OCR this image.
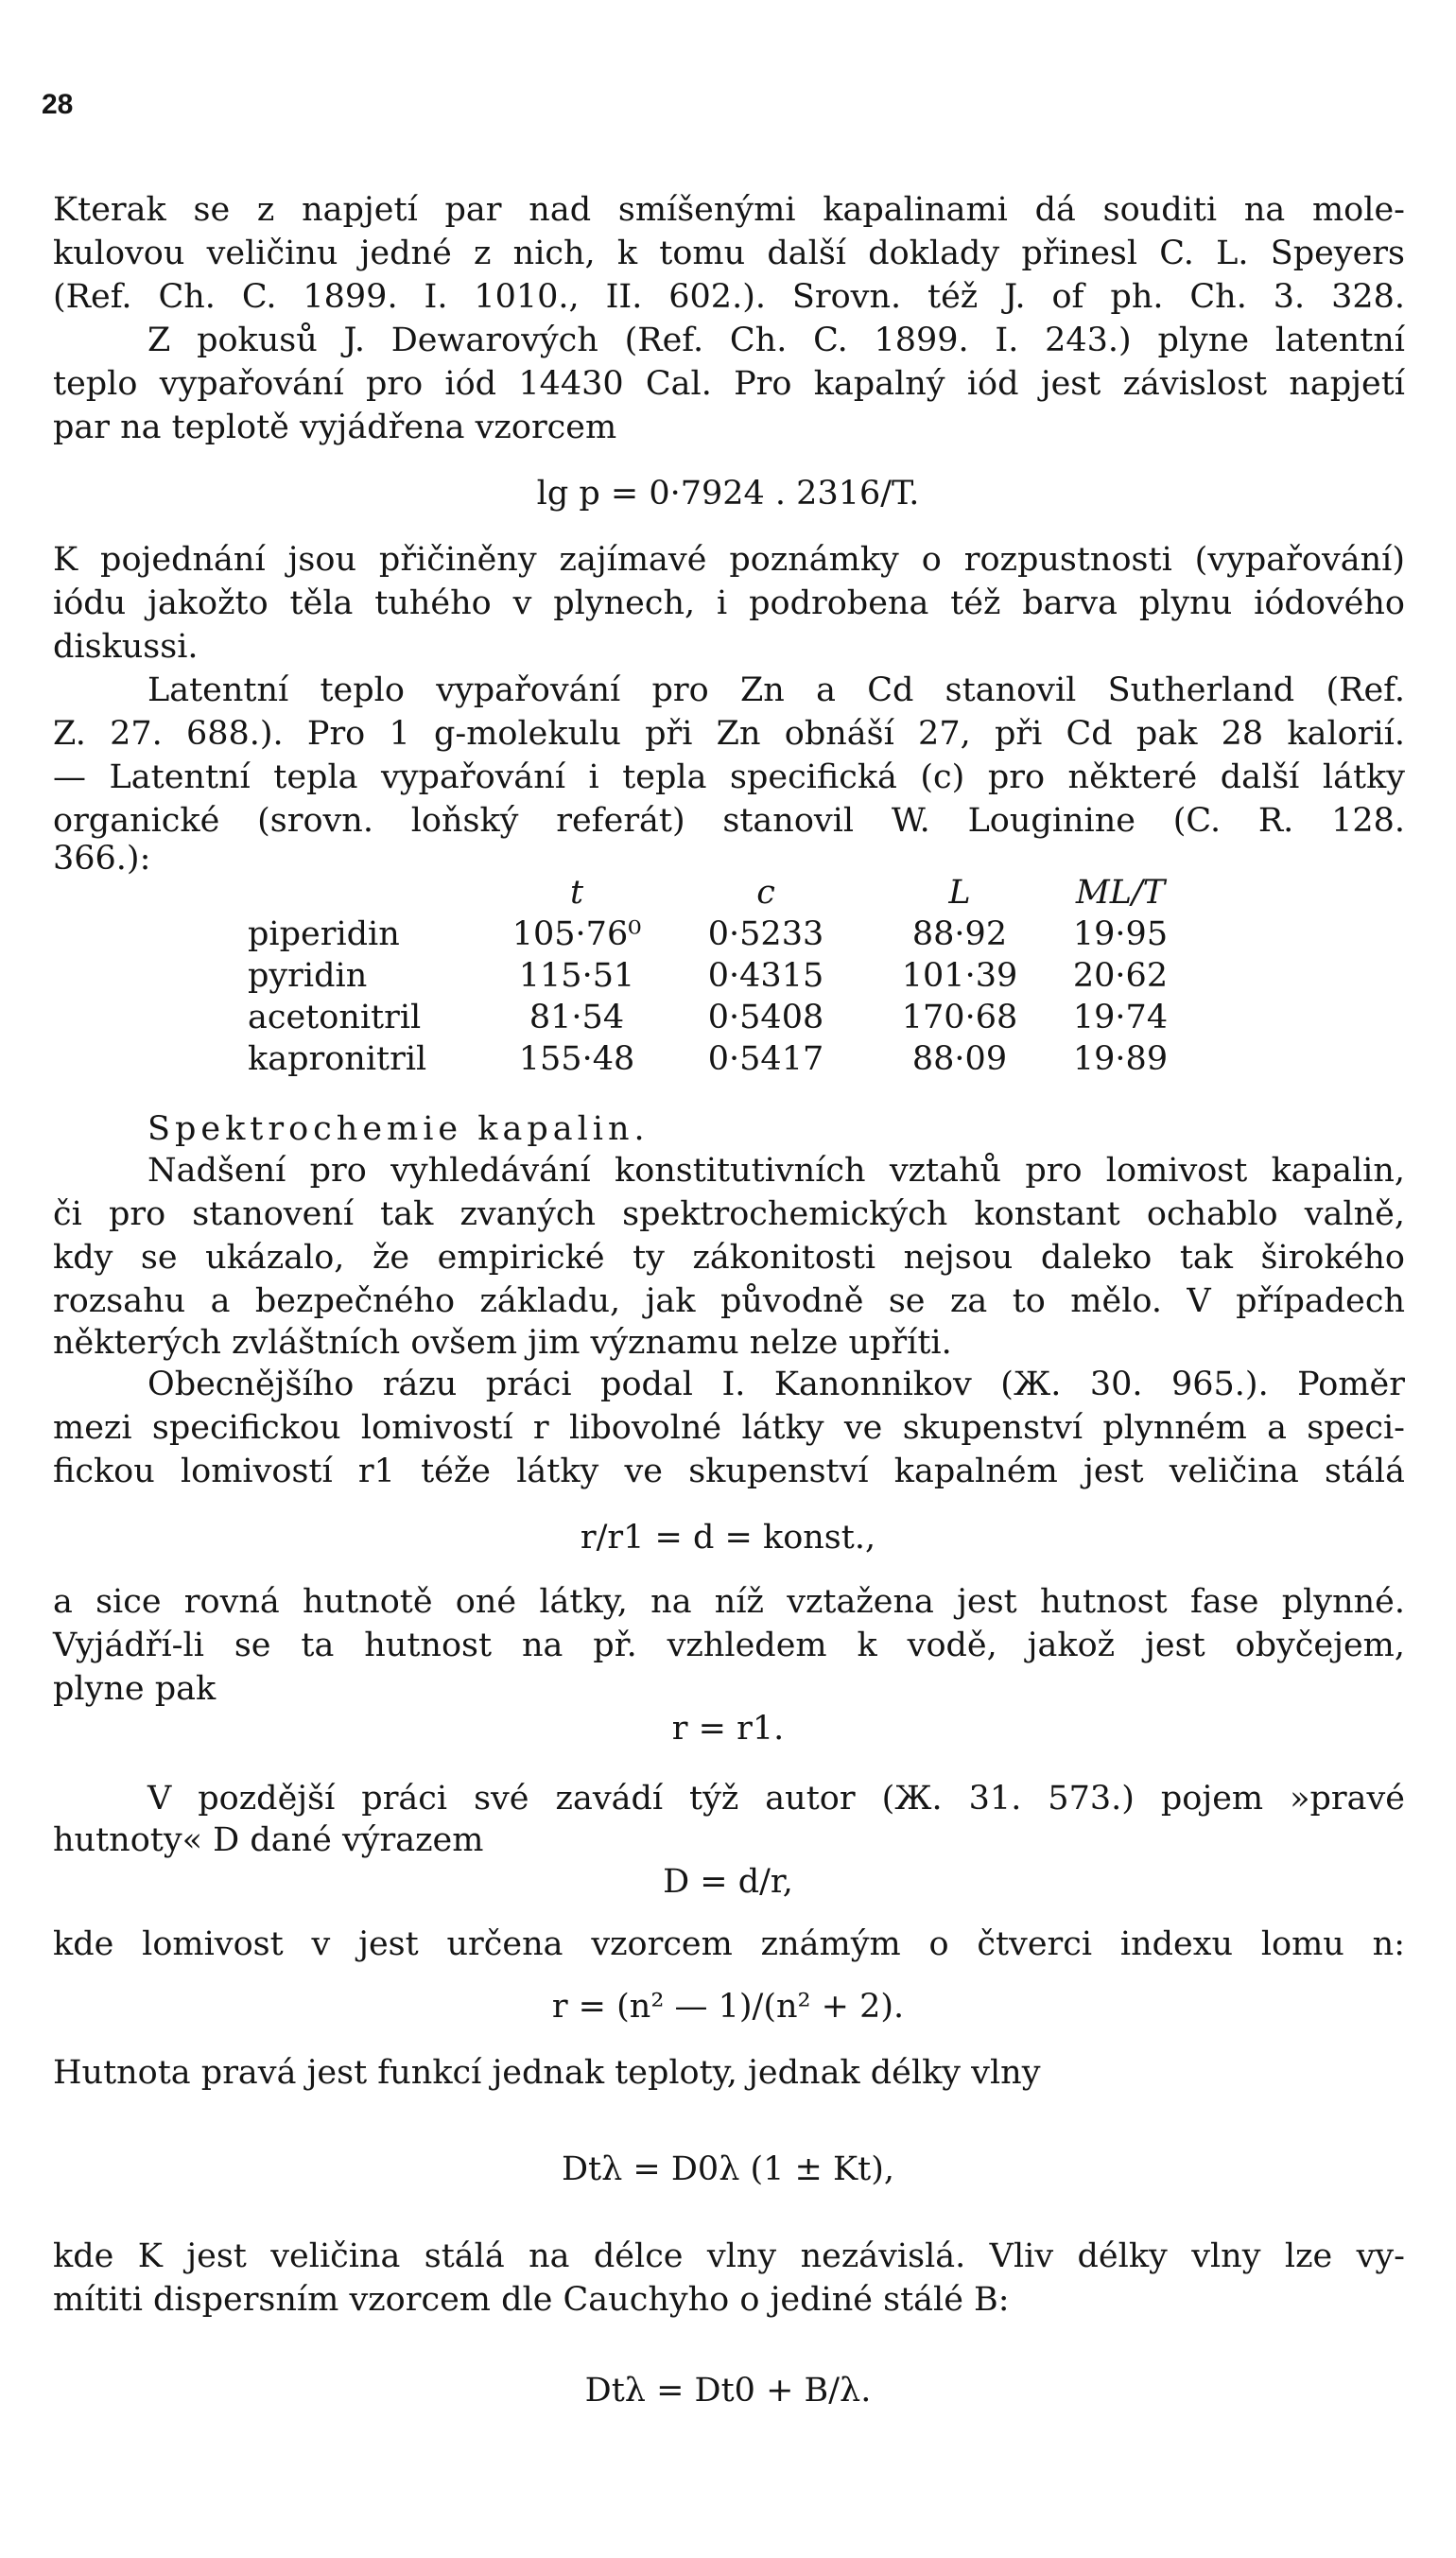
28
Kterak se z napjetí par nad smíšenými kapalinami dá souditi na mole-
kulovou veličinu jedné z nich, k tomu další doklady přinesl C. L. Speyers
(Ref. Ch. C. 1899. I. 1010., II. 602.). Srovn. též J. of ph. Ch. 3. 328.
Z pokusů J. Dewarových (Ref. Ch. C. 1899. I. 243.) plyne latentní
teplo vypařování pro iód 14430 Cal. Pro kapalný iód jest závislost napjetí
par na teplotě vyjádřena vzorcem
lg p = 0·7924 . 2316/T.
K pojednání jsou přičiněny zajímavé poznámky o rozpustnosti (vypařování)
iódu jakožto těla tuhého v plynech, i podrobena též barva plynu iódového
diskussi.
Latentní teplo vypařování pro Zn a Cd stanovil Sutherland (Ref.
Z. 27. 688.). Pro 1 g-molekulu při Zn obnáší 27, při Cd pak 28 kalorií.
— Latentní tepla vypařování i tepla specifická (c) pro některé další látky
organické (srovn. loňský referát) stanovil W. Louginine (C. R. 128.
366.):
	t	c	L	ML/T
piperidin	105·76⁰	0·5233	88·92	19·95
pyridin	115·51	0·4315	101·39	20·62
acetonitril	81·54	0·5408	170·68	19·74
kapronitril	155·48	0·5417	88·09	19·89
Spektrochemie kapalin.
Nadšení pro vyhledávání konstitutivních vztahů pro lomivost kapalin,
či pro stanovení tak zvaných spektrochemických konstant ochablo valně,
kdy se ukázalo, že empirické ty zákonitosti nejsou daleko tak širokého
rozsahu a bezpečného základu, jak původně se za to mělo. V případech
některých zvláštních ovšem jim významu nelze upříti.
Obecnějšího rázu práci podal I. Kanonnikov (Ж. 30. 965.). Poměr
mezi specifickou lomivostí r libovolné látky ve skupenství plynném a speci-
fickou lomivostí r1 téže látky ve skupenství kapalném jest veličina stálá
r/r1 = d = konst.,
a sice rovná hutnotě oné látky, na níž vztažena jest hutnost fase plynné.
Vyjádří-li se ta hutnost na př. vzhledem k vodě, jakož jest obyčejem,
plyne pak
r = r1.
V pozdější práci své zavádí týž autor (Ж. 31. 573.) pojem »pravé
hutnoty« D dané výrazem
D = d/r,
kde lomivost v jest určena vzorcem známým o čtverci indexu lomu n:
r = (n² — 1)/(n² + 2).
Hutnota pravá jest funkcí jednak teploty, jednak délky vlny
Dtλ = D0λ (1 ± Kt),
kde K jest veličina stálá na délce vlny nezávislá. Vliv délky vlny lze vy-
mítiti dispersním vzorcem dle Cauchyho o jediné stálé B:
Dtλ = Dt0 + B/λ.
